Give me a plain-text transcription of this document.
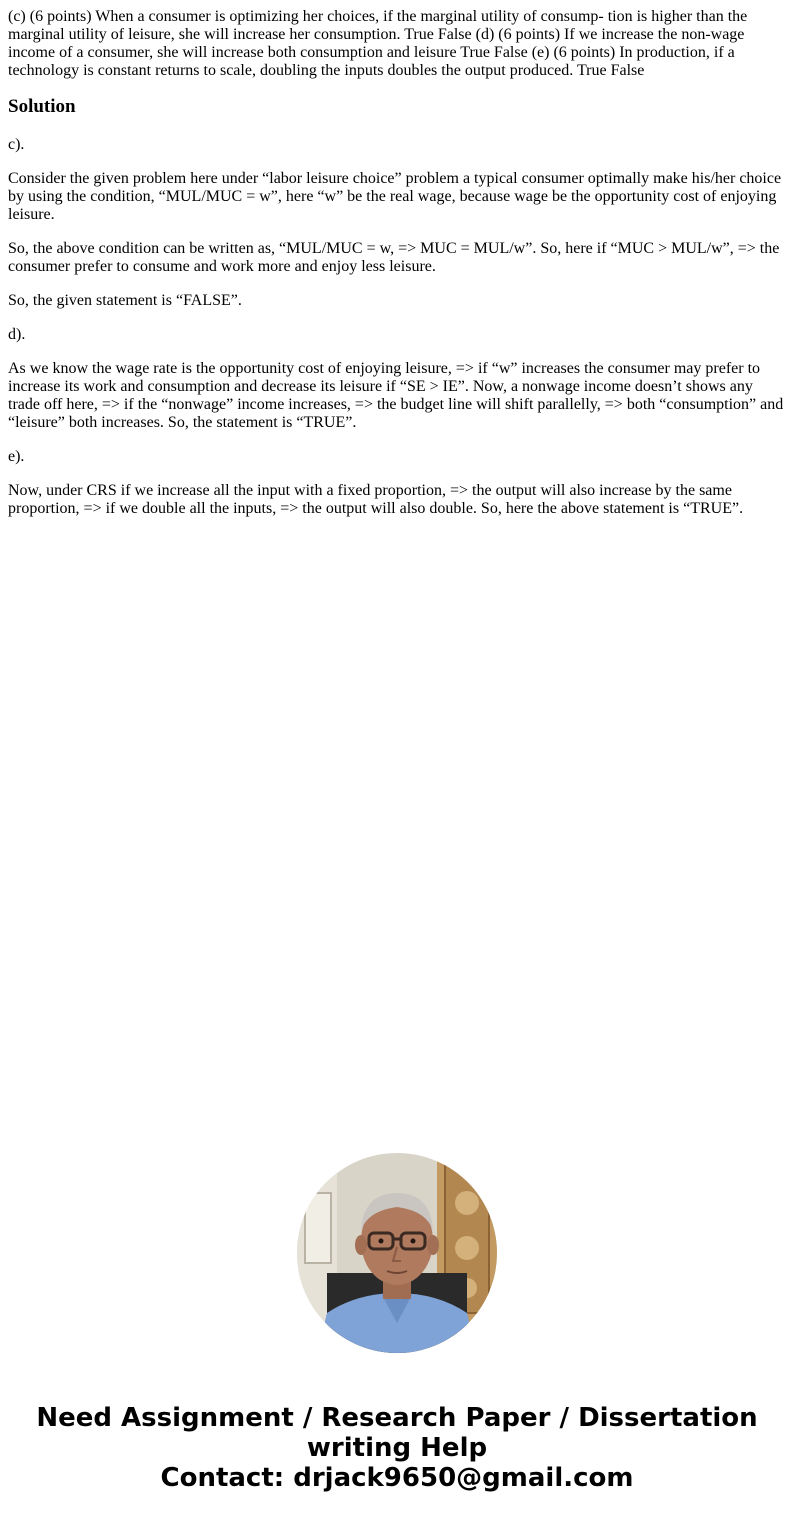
(c) (6 points) When a consumer is optimizing her choices, if the marginal utility of consump- tion is higher than the marginal utility of leisure, she will increase her consumption. True False (d) (6 points) If we increase the non-wage income of a consumer, she will increase both consumption and leisure True False (e) (6 points) In production, if a technology is constant returns to scale, doubling the inputs doubles the output produced. True False

Solution

c).

Consider the given problem here under “labor leisure choice” problem a typical consumer optimally make his/her choice by using the condition, “MUL/MUC = w”, here “w” be the real wage, because wage be the opportunity cost of enjoying leisure.

So, the above condition can be written as, “MUL/MUC = w, => MUC = MUL/w”. So, here if “MUC > MUL/w”, => the consumer prefer to consume and work more and enjoy less leisure.

So, the given statement is “FALSE”.

d).

As we know the wage rate is the opportunity cost of enjoying leisure, => if “w” increases the consumer may prefer to increase its work and consumption and decrease its leisure if “SE > IE”. Now, a nonwage income doesn’t shows any trade off here, => if the “nonwage” income increases, => the budget line will shift parallelly, => both “consumption” and “leisure” both increases. So, the statement is “TRUE”.

e).

Now, under CRS if we increase all the input with a fixed proportion, => the output will also increase by the same proportion, => if we double all the inputs, => the output will also double. So, here the above statement is “TRUE”.

Need Assignment / Research Paper / Dissertation
writing Help
Contact: drjack9650@gmail.com
